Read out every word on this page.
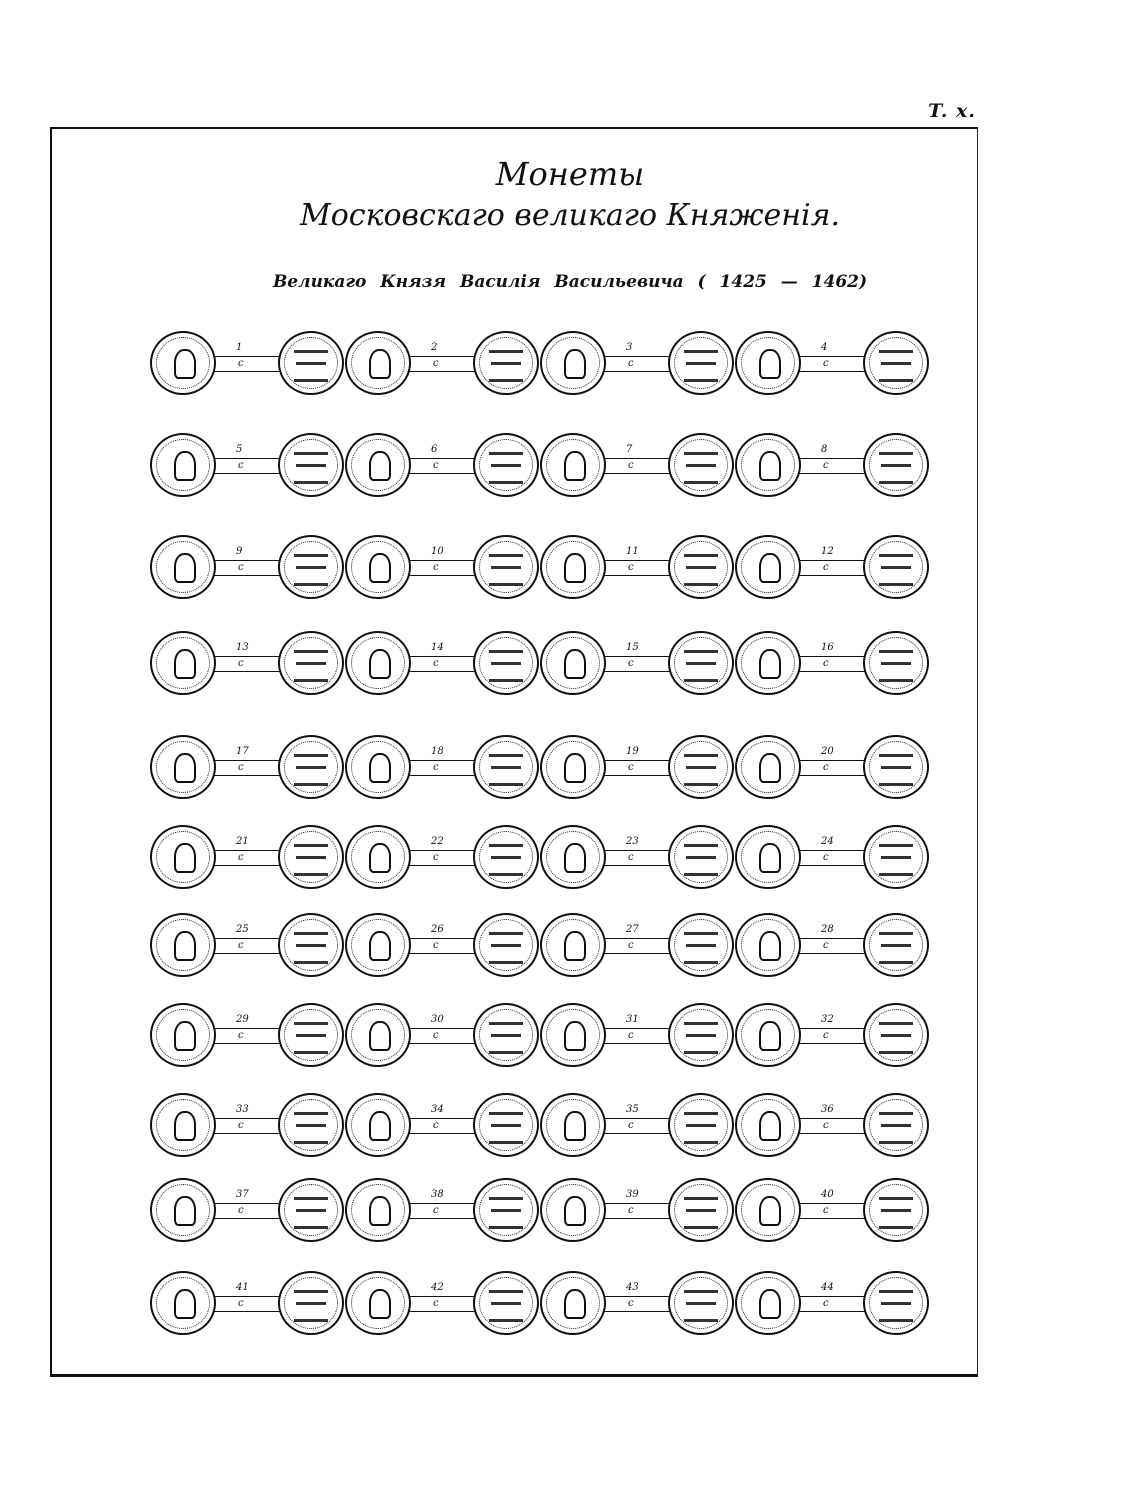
T. x.
Монеты
Московскаго великаго Княженія.
Великаго Князя Василія Васильевича ( 1425 — 1462)
1
c
2
c
3
c
4
c
5
c
6
c
7
c
8
c
9
c
10
c
11
c
12
c
13
c
14
c
15
c
16
c
17
c
18
c
19
c
20
c
21
c
22
c
23
c
24
c
25
c
26
c
27
c
28
c
29
c
30
c
31
c
32
c
33
c
34
c
35
c
36
c
37
c
38
c
39
c
40
c
41
c
42
c
43
c
44
c
